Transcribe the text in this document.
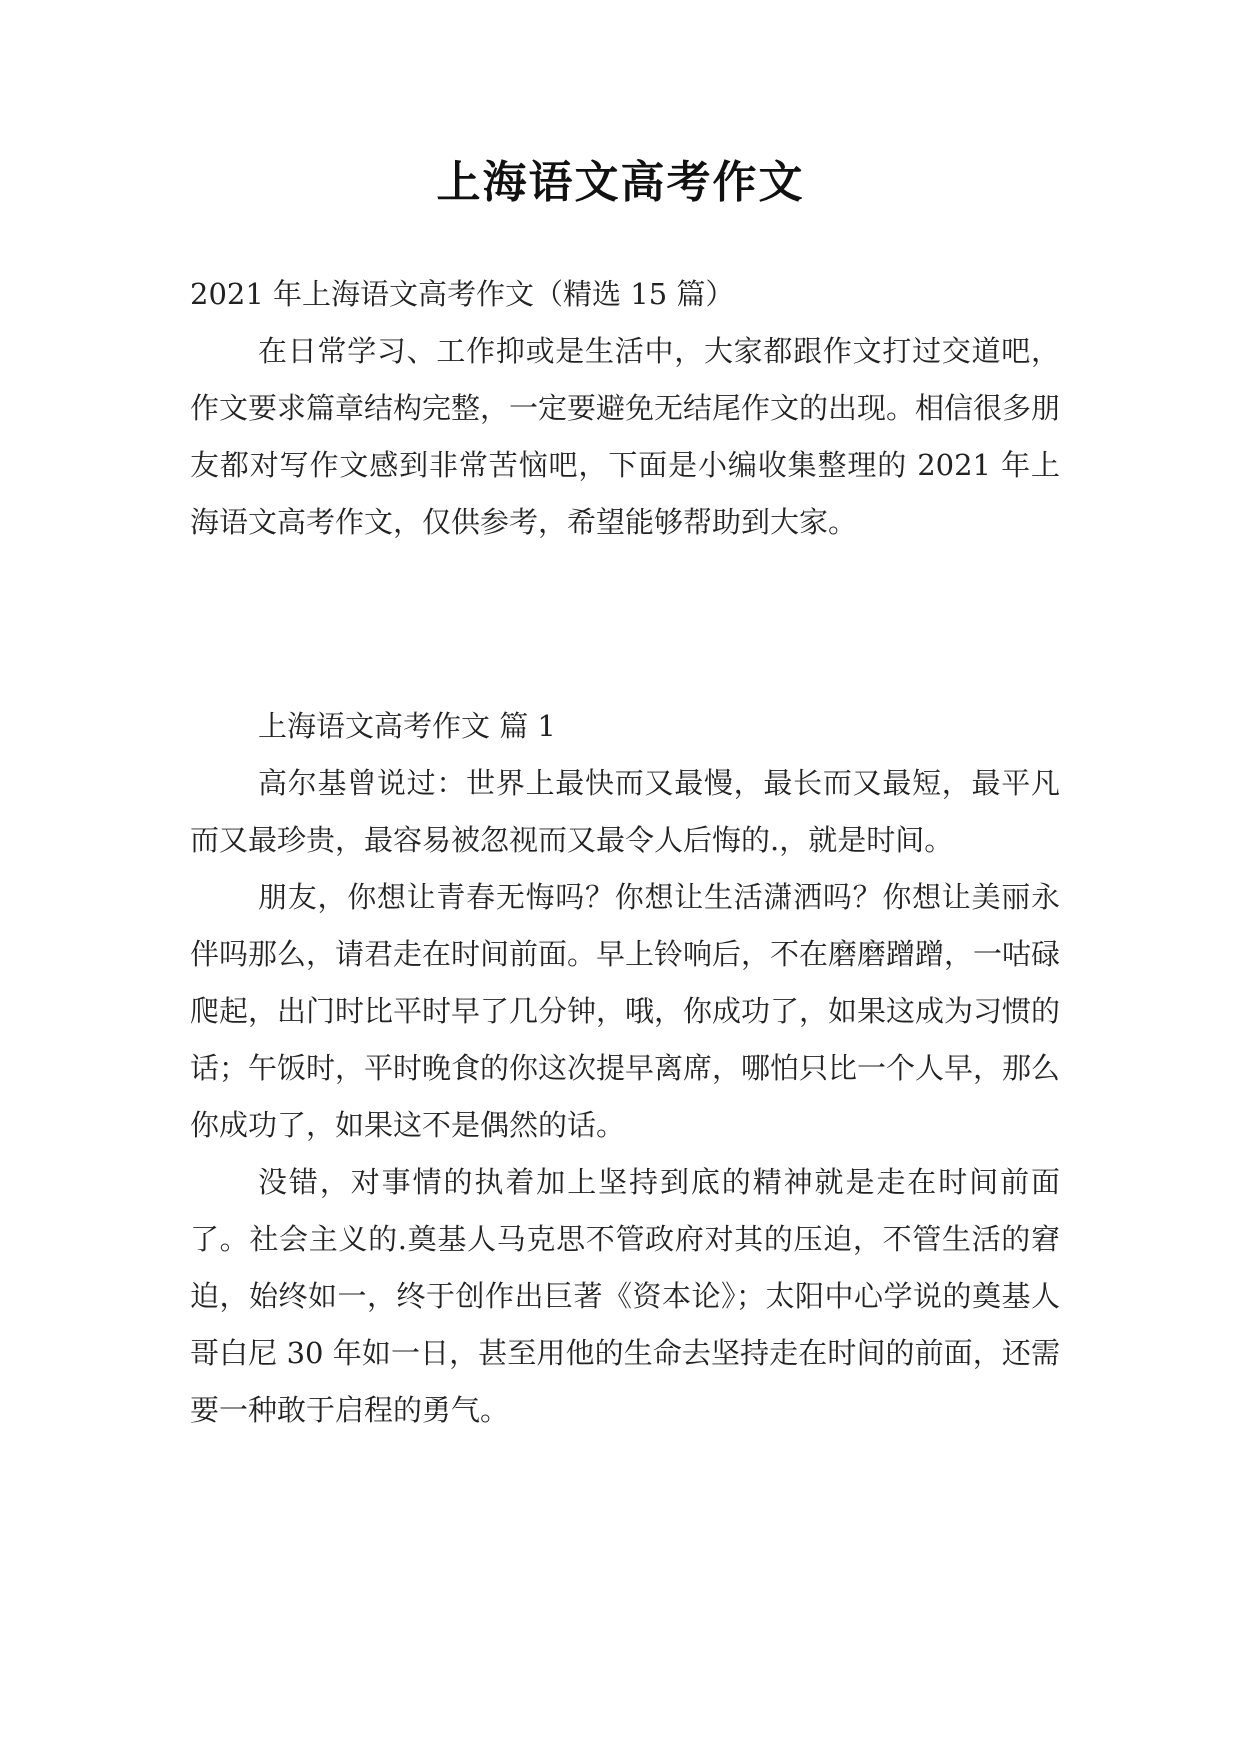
上海语文高考作文
2021 年上海语文高考作文（精选 15 篇）

在日常学习、工作抑或是生活中，大家都跟作文打过交道吧，作文要求篇章结构完整，一定要避免无结尾作文的出现。相信很多朋友都对写作文感到非常苦恼吧，下面是小编收集整理的 2021 年上海语文高考作文，仅供参考，希望能够帮助到大家。

上海语文高考作文 篇 1

高尔基曾说过：世界上最快而又最慢，最长而又最短，最平凡而又最珍贵，最容易被忽视而又最令人后悔的.，就是时间。

朋友，你想让青春无悔吗？你想让生活潇洒吗？你想让美丽永伴吗那么，请君走在时间前面。早上铃响后，不在磨磨蹭蹭，一咕碌爬起，出门时比平时早了几分钟，哦，你成功了，如果这成为习惯的话；午饭时，平时晚食的你这次提早离席，哪怕只比一个人早，那么你成功了，如果这不是偶然的话。

没错，对事情的执着加上坚持到底的精神就是走在时间前面了。社会主义的.奠基人马克思不管政府对其的压迫，不管生活的窘迫，始终如一，终于创作出巨著《资本论》；太阳中心学说的奠基人哥白尼 30 年如一日，甚至用他的生命去坚持走在时间的前面，还需要一种敢于启程的勇气。
